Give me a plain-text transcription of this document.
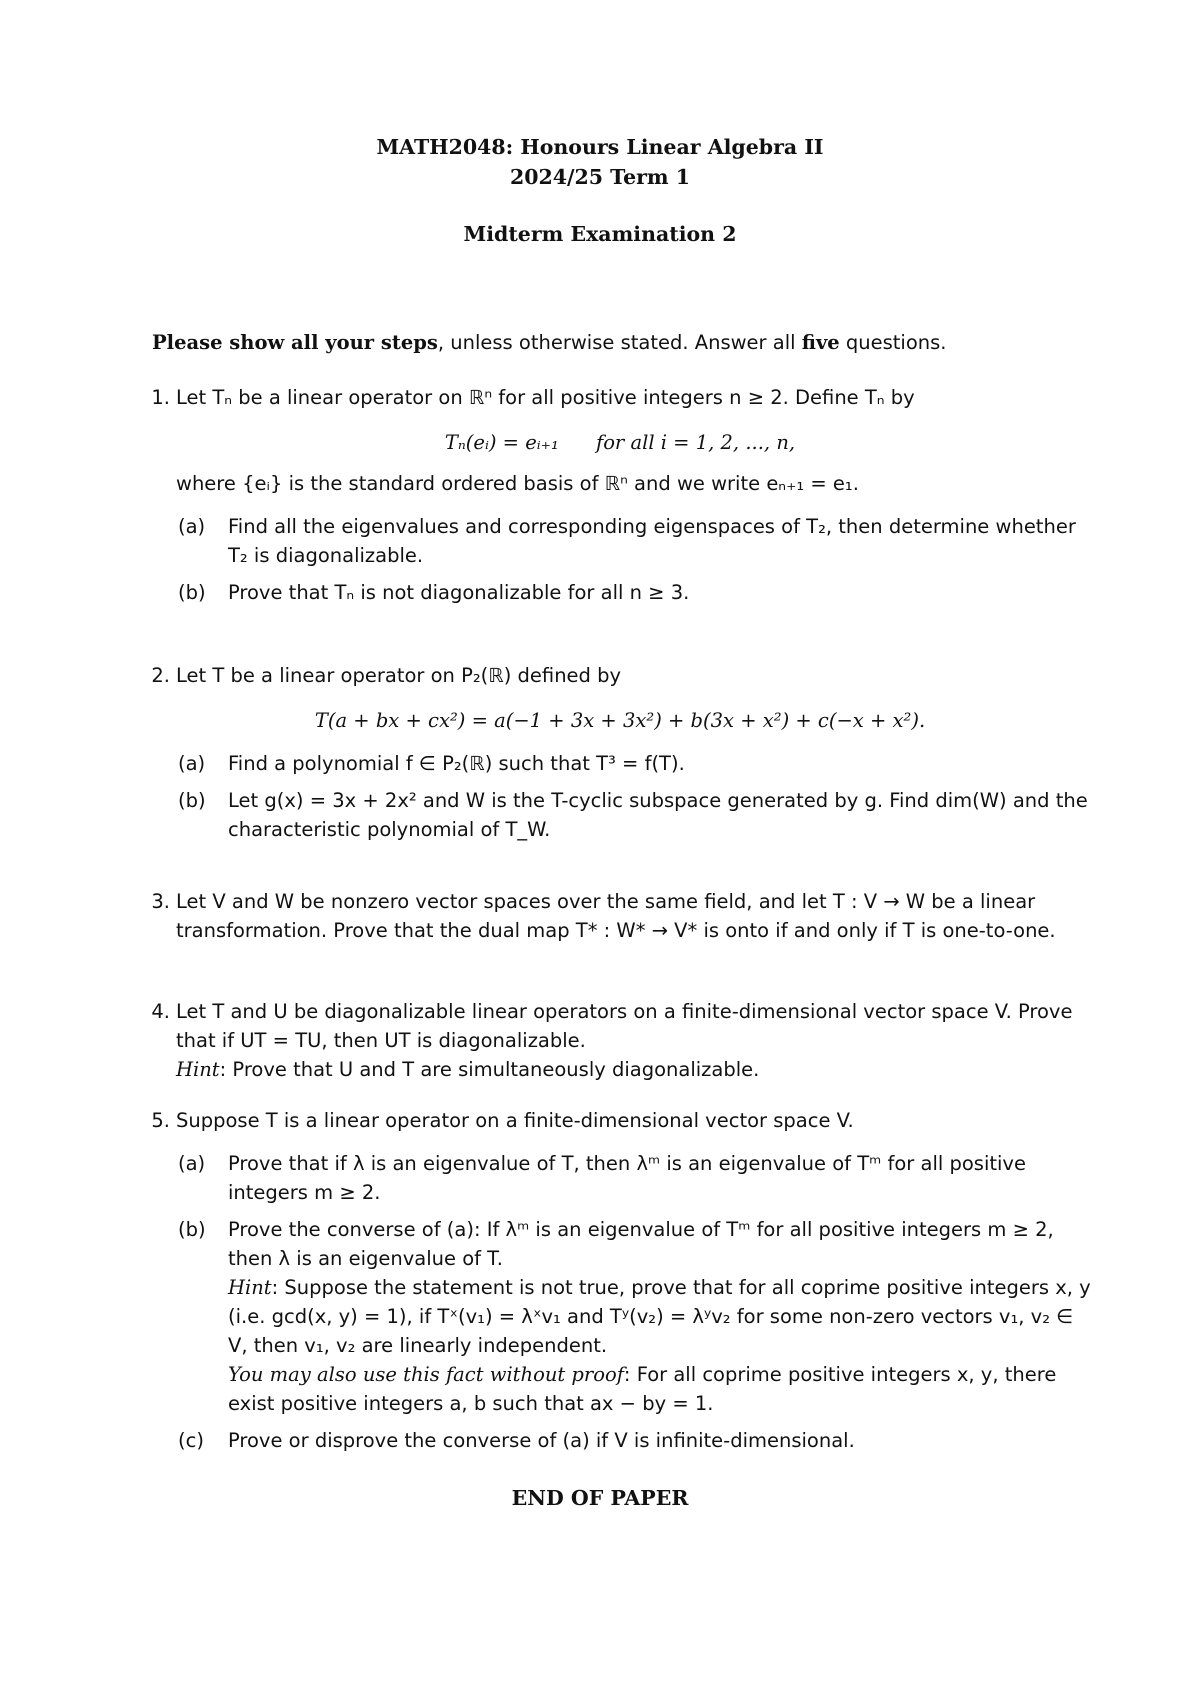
MATH2048: Honours Linear Algebra II
2024/25 Term 1
Midterm Examination 2
Please show all your steps, unless otherwise stated. Answer all five questions.
1. Let Tₙ be a linear operator on ℝⁿ for all positive integers n ≥ 2. Define Tₙ by
Tₙ(eᵢ) = eᵢ₊₁      for all i = 1, 2, ..., n,
where {eᵢ} is the standard ordered basis of ℝⁿ and we write eₙ₊₁ = e₁.
(a)	Find all the eigenvalues and corresponding eigenspaces of T₂, then determine whether T₂ is diagonalizable.
(b)	Prove that Tₙ is not diagonalizable for all n ≥ 3.
2. Let T be a linear operator on P₂(ℝ) defined by
T(a + bx + cx²) = a(−1 + 3x + 3x²) + b(3x + x²) + c(−x + x²).
(a)	Find a polynomial f ∈ P₂(ℝ) such that T³ = f(T).
(b)	Let g(x) = 3x + 2x² and W is the T-cyclic subspace generated by g. Find dim(W) and the characteristic polynomial of T_W.
3. Let V and W be nonzero vector spaces over the same field, and let T : V → W be a linear transformation. Prove that the dual map T* : W* → V* is onto if and only if T is one-to-one.
4. Let T and U be diagonalizable linear operators on a finite-dimensional vector space V. Prove that if UT = TU, then UT is diagonalizable.
Hint: Prove that U and T are simultaneously diagonalizable.
5. Suppose T is a linear operator on a finite-dimensional vector space V.
(a)	Prove that if λ is an eigenvalue of T, then λᵐ is an eigenvalue of Tᵐ for all positive integers m ≥ 2.
(b)	Prove the converse of (a): If λᵐ is an eigenvalue of Tᵐ for all positive integers m ≥ 2, then λ is an eigenvalue of T.
Hint: Suppose the statement is not true, prove that for all coprime positive integers x, y (i.e. gcd(x, y) = 1), if Tˣ(v₁) = λˣv₁ and Tʸ(v₂) = λʸv₂ for some non-zero vectors v₁, v₂ ∈ V, then v₁, v₂ are linearly independent.
You may also use this fact without proof: For all coprime positive integers x, y, there exist positive integers a, b such that ax − by = 1.
(c)	Prove or disprove the converse of (a) if V is infinite-dimensional.
END OF PAPER
